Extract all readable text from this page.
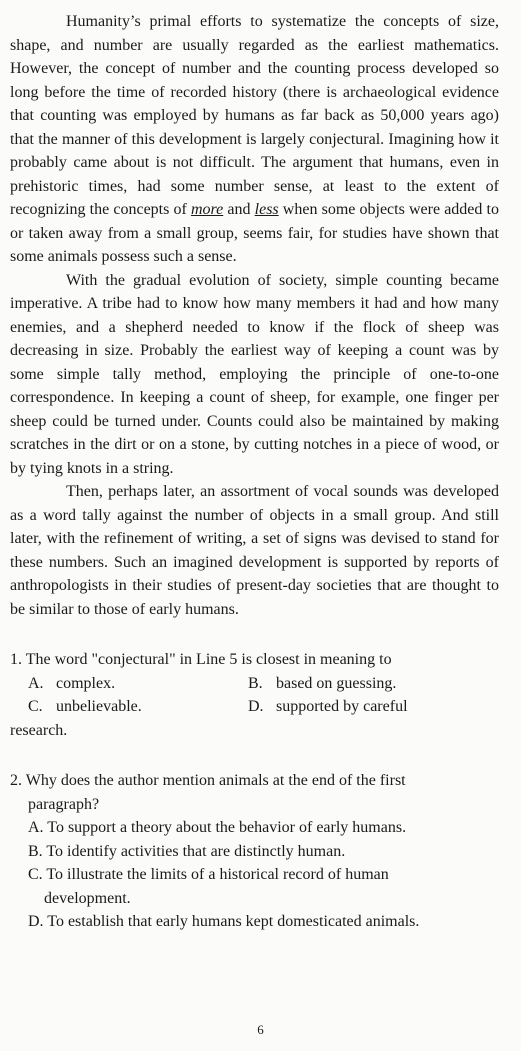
Humanity’s primal efforts to systematize the concepts of size, shape, and number are usually regarded as the earliest mathematics. However, the concept of number and the counting process developed so long before the time of recorded history (there is archaeological evidence that counting was employed by humans as far back as 50,000 years ago) that the manner of this development is largely conjectural. Imagining how it probably came about is not difficult. The argument that humans, even in prehistoric times, had some number sense, at least to the extent of recognizing the concepts of more and less when some objects were added to or taken away from a small group, seems fair, for studies have shown that some animals possess such a sense.

With the gradual evolution of society, simple counting became imperative. A tribe had to know how many members it had and how many enemies, and a shepherd needed to know if the flock of sheep was decreasing in size. Probably the earliest way of keeping a count was by some simple tally method, employing the principle of one-to-one correspondence. In keeping a count of sheep, for example, one finger per sheep could be turned under. Counts could also be maintained by making scratches in the dirt or on a stone, by cutting notches in a piece of wood, or by tying knots in a string.

Then, perhaps later, an assortment of vocal sounds was developed as a word tally against the number of objects in a small group. And still later, with the refinement of writing, a set of signs was devised to stand for these numbers. Such an imagined development is supported by reports of anthropologists in their studies of present-day societies that are thought to be similar to those of early humans.

1. The word "conjectural" in Line 5 is closest in meaning to

A. complex.	B. based on guessing.

C. unbelievable.	D. supported by careful

research.

2. Why does the author mention animals at the end of the first

paragraph?

A. To support a theory about the behavior of early humans.

B. To identify activities that are distinctly human.

C. To illustrate the limits of a historical record of human

development.

D. To establish that early humans kept domesticated animals.

6
